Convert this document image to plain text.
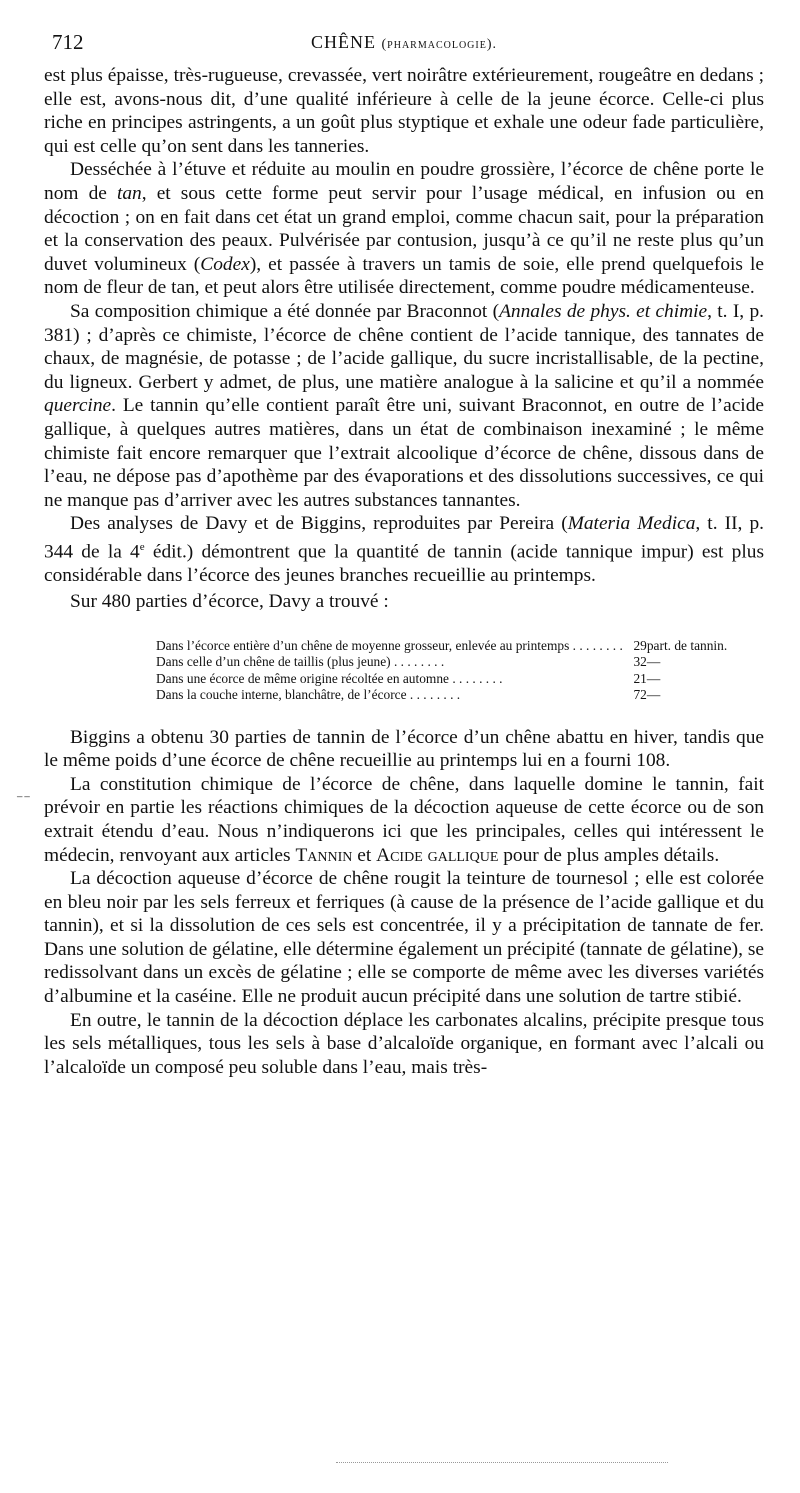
712	CHÊNE (pharmacologie).

est plus épaisse, très-rugueuse, crevassée, vert noirâtre extérieurement, rougeâtre en dedans ; elle est, avons-nous dit, d’une qualité inférieure à celle de la jeune écorce. Celle-ci plus riche en principes astringents, a un goût plus styptique et exhale une odeur fade particulière, qui est celle qu’on sent dans les tanneries.

Desséchée à l’étuve et réduite au moulin en poudre grossière, l’écorce de chêne porte le nom de tan, et sous cette forme peut servir pour l’usage médical, en infusion ou en décoction ; on en fait dans cet état un grand emploi, comme chacun sait, pour la préparation et la conservation des peaux. Pulvérisée par contusion, jusqu’à ce qu’il ne reste plus qu’un duvet volumineux (Codex), et passée à travers un tamis de soie, elle prend quelquefois le nom de fleur de tan, et peut alors être utilisée directement, comme poudre médicamenteuse.

Sa composition chimique a été donnée par Braconnot (Annales de phys. et chimie, t. I, p. 381) ; d’après ce chimiste, l’écorce de chêne contient de l’acide tannique, des tannates de chaux, de magnésie, de potasse ; de l’acide gallique, du sucre incristallisable, de la pectine, du ligneux. Gerbert y admet, de plus, une matière analogue à la salicine et qu’il a nommée quercine. Le tannin qu’elle contient paraît être uni, suivant Braconnot, en outre de l’acide gallique, à quelques autres matières, dans un état de combinaison inexaminé ; le même chimiste fait encore remarquer que l’extrait alcoolique d’écorce de chêne, dissous dans de l’eau, ne dépose pas d’apothème par des évaporations et des dissolutions successives, ce qui ne manque pas d’arriver avec les autres substances tannantes.

Des analyses de Davy et de Biggins, reproduites par Pereira (Materia Medica, t. II, p. 344 de la 4e édit.) démontrent que la quantité de tannin (acide tannique impur) est plus considérable dans l’écorce des jeunes branches recueillie au printemps.

Sur 480 parties d’écorce, Davy a trouvé :
Dans l’écorce entière d’un chêne de moyenne grosseur, enlevée au printemps . . . . . . . .	29	part. de tannin.
Dans celle d’un chêne de taillis (plus jeune) . . . . . . . .	32	—
Dans une écorce de même origine récoltée en automne . . . . . . . .	21	—
Dans la couche interne, blanchâtre, de l’écorce . . . . . . . .	72	—

Biggins a obtenu 30 parties de tannin de l’écorce d’un chêne abattu en hiver, tandis que le même poids d’une écorce de chêne recueillie au printemps lui en a fourni 108.

La constitution chimique de l’écorce de chêne, dans laquelle domine le tannin, fait prévoir en partie les réactions chimiques de la décoction aqueuse de cette écorce ou de son extrait étendu d’eau. Nous n’indiquerons ici que les principales, celles qui intéressent le médecin, renvoyant aux articles Tannin et Acide gallique pour de plus amples détails.

La décoction aqueuse d’écorce de chêne rougit la teinture de tournesol ; elle est colorée en bleu noir par les sels ferreux et ferriques (à cause de la présence de l’acide gallique et du tannin), et si la dissolution de ces sels est concentrée, il y a précipitation de tannate de fer. Dans une solution de gélatine, elle détermine également un précipité (tannate de gélatine), se redissolvant dans un excès de gélatine ; elle se comporte de même avec les diverses variétés d’albumine et la caséine. Elle ne produit aucun précipité dans une solution de tartre stibié.

En outre, le tannin de la décoction déplace les carbonates alcalins, précipite presque tous les sels métalliques, tous les sels à base d’alcaloïde organique, en formant avec l’alcali ou l’alcaloïde un composé peu soluble dans l’eau, mais très-

⁻⁻
